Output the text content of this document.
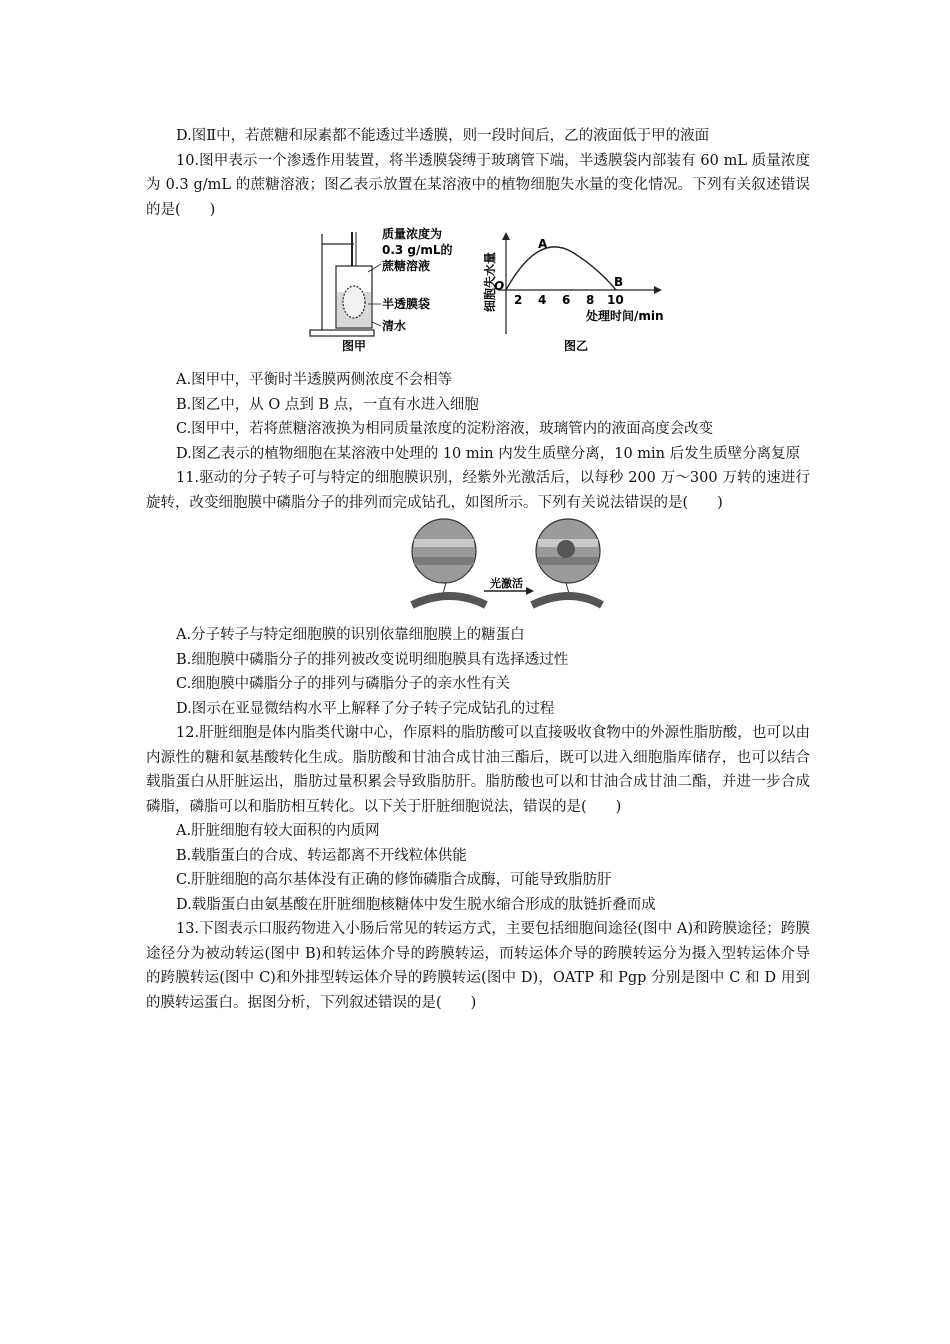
D.图Ⅱ中，若蔗糖和尿素都不能透过半透膜，则一段时间后，乙的液面低于甲的液面

10.图甲表示一个渗透作用装置，将半透膜袋缚于玻璃管下端，半透膜袋内部装有 60 mL 质量浓度为 0.3 g/mL 的蔗糖溶液；图乙表示放置在某溶液中的植物细胞失水量的变化情况。下列有关叙述错误的是(　　)

质量浓度为
0.3 g/mL的
蔗糖溶液
半透膜袋
清水
图甲
O
A
B
2 4 6 8 10
处理时间/min
细胞失水量
图乙

A.图甲中，平衡时半透膜两侧浓度不会相等

B.图乙中，从 O 点到 B 点，一直有水进入细胞

C.图甲中，若将蔗糖溶液换为相同质量浓度的淀粉溶液，玻璃管内的液面高度会改变

D.图乙表示的植物细胞在某溶液中处理的 10 min 内发生质壁分离，10 min 后发生质壁分离复原

11.驱动的分子转子可与特定的细胞膜识别，经紫外光激活后，以每秒 200 万～300 万转的速进行旋转，改变细胞膜中磷脂分子的排列而完成钻孔，如图所示。下列有关说法错误的是(　　)

光激活

A.分子转子与特定细胞膜的识别依靠细胞膜上的糖蛋白

B.细胞膜中磷脂分子的排列被改变说明细胞膜具有选择透过性

C.细胞膜中磷脂分子的排列与磷脂分子的亲水性有关

D.图示在亚显微结构水平上解释了分子转子完成钻孔的过程

12.肝脏细胞是体内脂类代谢中心，作原料的脂肪酸可以直接吸收食物中的外源性脂肪酸，也可以由内源性的糖和氨基酸转化生成。脂肪酸和甘油合成甘油三酯后，既可以进入细胞脂库储存，也可以结合载脂蛋白从肝脏运出，脂肪过量积累会导致脂肪肝。脂肪酸也可以和甘油合成甘油二酯，并进一步合成磷脂，磷脂可以和脂肪相互转化。以下关于肝脏细胞说法，错误的是(　　)

A.肝脏细胞有较大面积的内质网

B.载脂蛋白的合成、转运都离不开线粒体供能

C.肝脏细胞的高尔基体没有正确的修饰磷脂合成酶，可能导致脂肪肝

D.载脂蛋白由氨基酸在肝脏细胞核糖体中发生脱水缩合形成的肽链折叠而成

13.下图表示口服药物进入小肠后常见的转运方式，主要包括细胞间途径(图中 A)和跨膜途径；跨膜途径分为被动转运(图中 B)和转运体介导的跨膜转运，而转运体介导的跨膜转运分为摄入型转运体介导的跨膜转运(图中 C)和外排型转运体介导的跨膜转运(图中 D)，OATP 和 Pgp 分别是图中 C 和 D 用到的膜转运蛋白。据图分析，下列叙述错误的是(　　)
